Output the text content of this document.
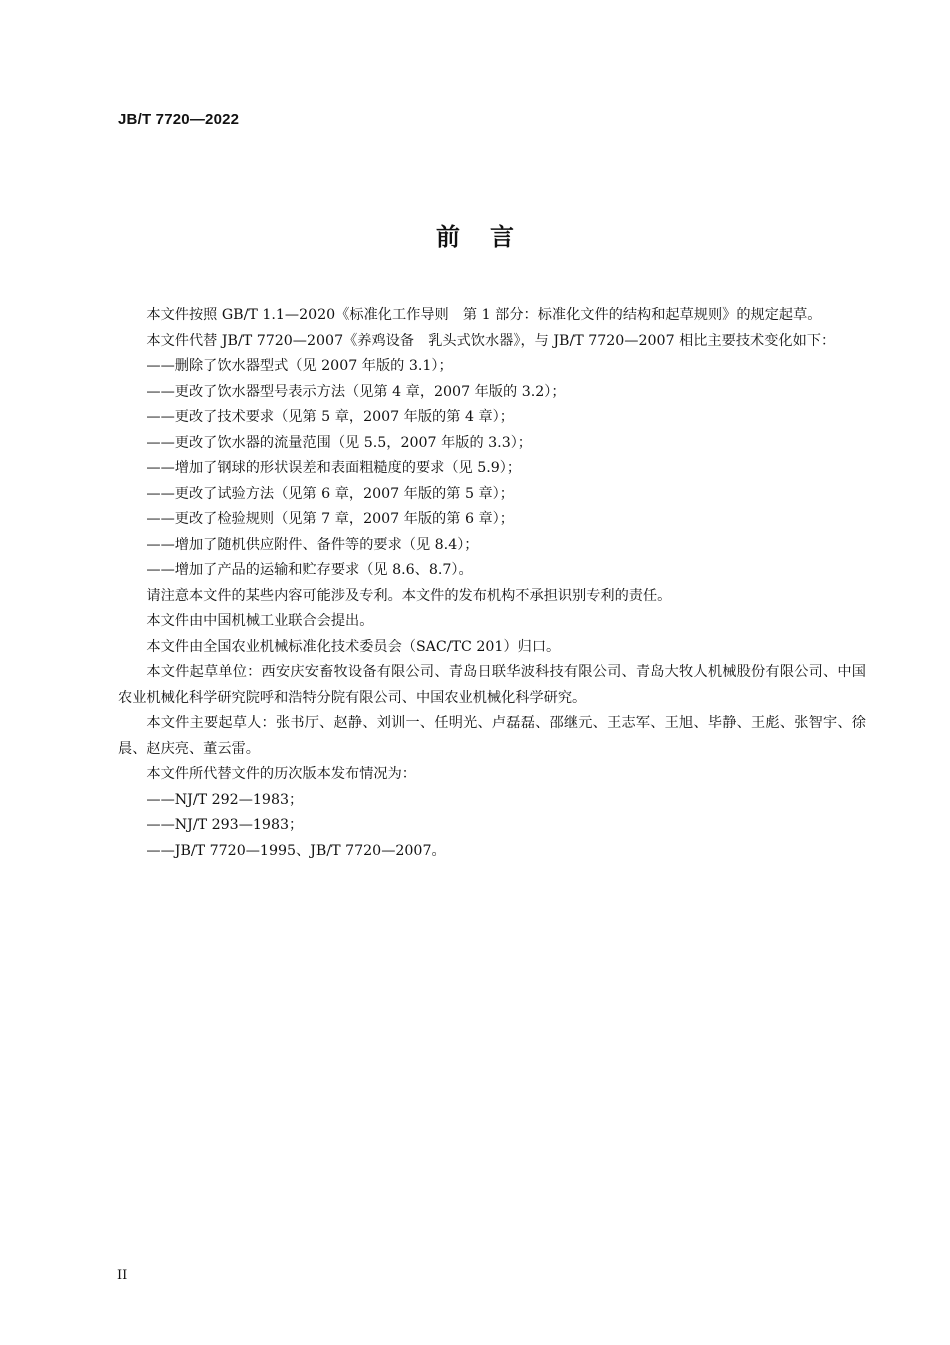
JB/T 7720—2022
前言

本文件按照 GB/T 1.1—2020《标准化工作导则　第 1 部分：标准化文件的结构和起草规则》的规定起草。

本文件代替 JB/T 7720—2007《养鸡设备　乳头式饮水器》，与 JB/T 7720—2007 相比主要技术变化如下：

——删除了饮水器型式（见 2007 年版的 3.1）；

——更改了饮水器型号表示方法（见第 4 章，2007 年版的 3.2）；

——更改了技术要求（见第 5 章，2007 年版的第 4 章）；

——更改了饮水器的流量范围（见 5.5，2007 年版的 3.3）；

——增加了钢球的形状误差和表面粗糙度的要求（见 5.9）；

——更改了试验方法（见第 6 章，2007 年版的第 5 章）；

——更改了检验规则（见第 7 章，2007 年版的第 6 章）；

——增加了随机供应附件、备件等的要求（见 8.4）；

——增加了产品的运输和贮存要求（见 8.6、8.7）。

请注意本文件的某些内容可能涉及专利。本文件的发布机构不承担识别专利的责任。

本文件由中国机械工业联合会提出。

本文件由全国农业机械标准化技术委员会（SAC/TC 201）归口。

本文件起草单位：西安庆安畜牧设备有限公司、青岛日联华波科技有限公司、青岛大牧人机械股份有限公司、中国农业机械化科学研究院呼和浩特分院有限公司、中国农业机械化科学研究。

本文件主要起草人：张书厅、赵静、刘训一、任明光、卢磊磊、邵继元、王志军、王旭、毕静、王彪、张智宇、徐晨、赵庆亮、董云雷。

本文件所代替文件的历次版本发布情况为：

——NJ/T 292—1983；

——NJ/T 293—1983；

——JB/T 7720—1995、JB/T 7720—2007。

II
